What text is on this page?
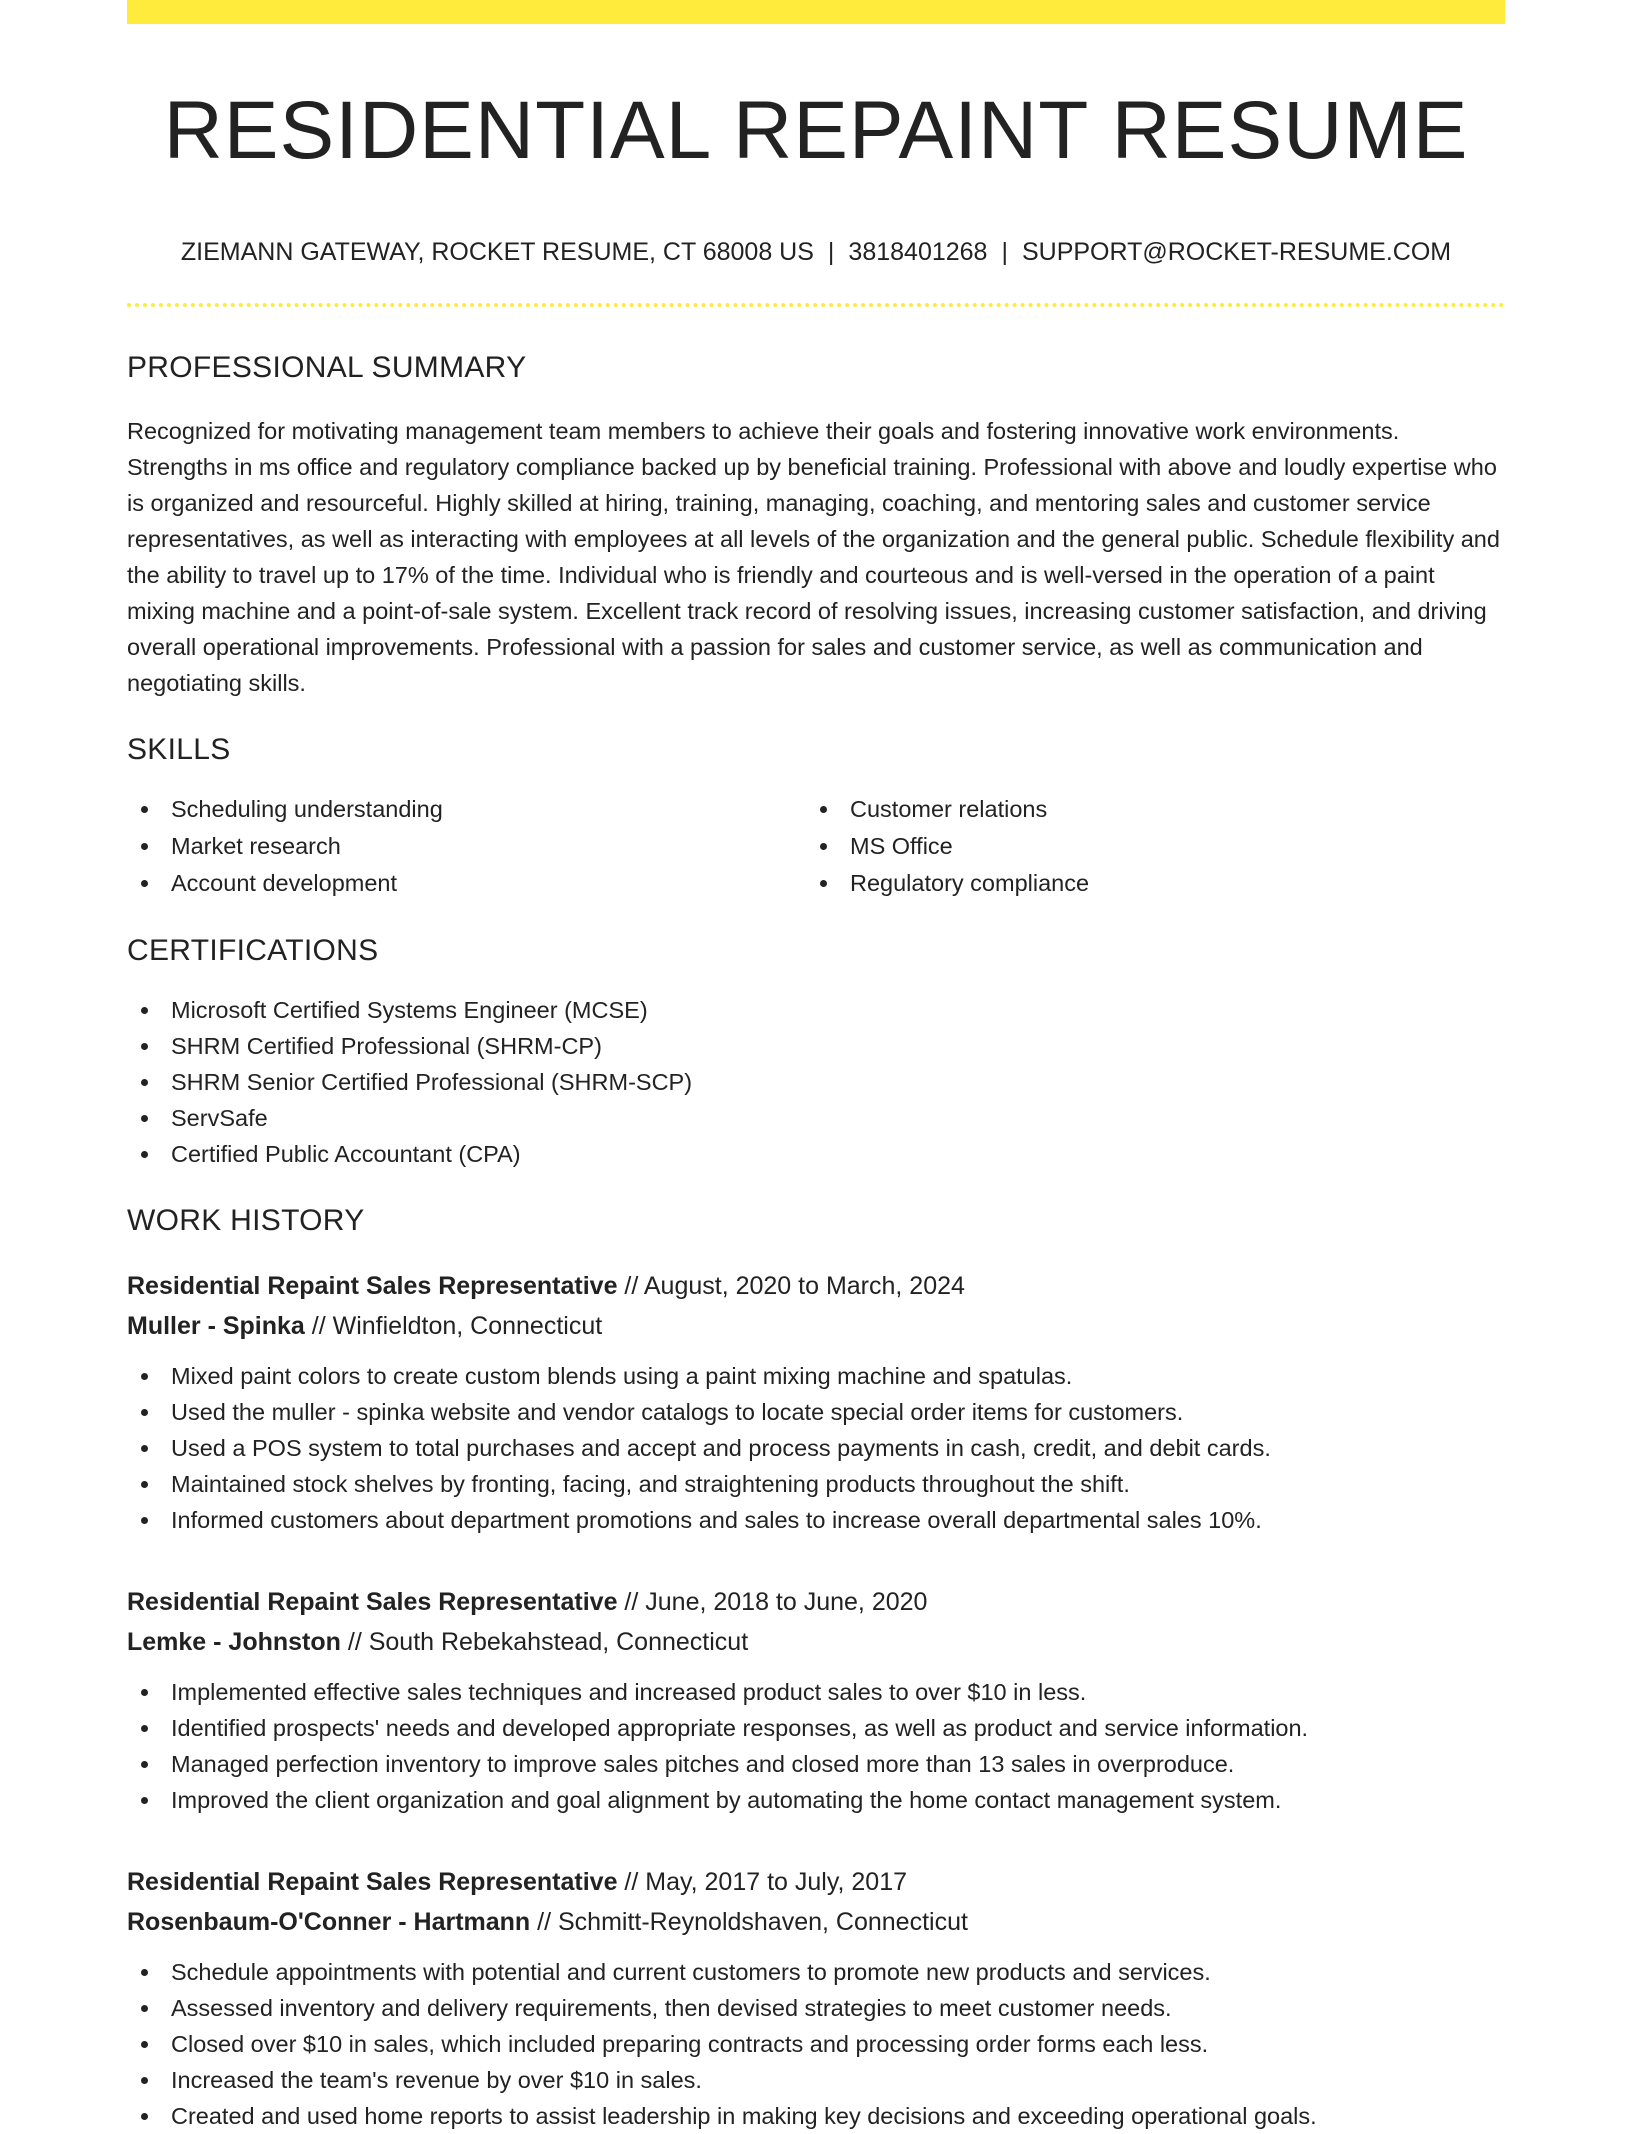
RESIDENTIAL REPAINT RESUME
ZIEMANN GATEWAY, ROCKET RESUME, CT 68008 US | 3818401268 | SUPPORT@ROCKET-RESUME.COM
PROFESSIONAL SUMMARY

Recognized for motivating management team members to achieve their goals and fostering innovative work environments. Strengths in ms office and regulatory compliance backed up by beneficial training. Professional with above and loudly expertise who is organized and resourceful. Highly skilled at hiring, training, managing, coaching, and mentoring sales and customer service representatives, as well as interacting with employees at all levels of the organization and the general public. Schedule flexibility and the ability to travel up to 17% of the time. Individual who is friendly and courteous and is well-versed in the operation of a paint mixing machine and a point-of-sale system. Excellent track record of resolving issues, increasing customer satisfaction, and driving overall operational improvements. Professional with a passion for sales and customer service, as well as communication and negotiating skills.

SKILLS
Scheduling understanding
Market research
Account development
Customer relations
MS Office
Regulatory compliance
CERTIFICATIONS
Microsoft Certified Systems Engineer (MCSE)
SHRM Certified Professional (SHRM-CP)
SHRM Senior Certified Professional (SHRM-SCP)
ServSafe
Certified Public Accountant (CPA)
WORK HISTORY
Residential Repaint Sales Representative // August, 2020 to March, 2024
Muller - Spinka // Winfieldton, Connecticut
Mixed paint colors to create custom blends using a paint mixing machine and spatulas.
Used the muller - spinka website and vendor catalogs to locate special order items for customers.
Used a POS system to total purchases and accept and process payments in cash, credit, and debit cards.
Maintained stock shelves by fronting, facing, and straightening products throughout the shift.
Informed customers about department promotions and sales to increase overall departmental sales 10%.
Residential Repaint Sales Representative // June, 2018 to June, 2020
Lemke - Johnston // South Rebekahstead, Connecticut
Implemented effective sales techniques and increased product sales to over $10 in less.
Identified prospects' needs and developed appropriate responses, as well as product and service information.
Managed perfection inventory to improve sales pitches and closed more than 13 sales in overproduce.
Improved the client organization and goal alignment by automating the home contact management system.
Residential Repaint Sales Representative // May, 2017 to July, 2017
Rosenbaum-O'Conner - Hartmann // Schmitt-Reynoldshaven, Connecticut
Schedule appointments with potential and current customers to promote new products and services.
Assessed inventory and delivery requirements, then devised strategies to meet customer needs.
Closed over $10 in sales, which included preparing contracts and processing order forms each less.
Increased the team's revenue by over $10 in sales.
Created and used home reports to assist leadership in making key decisions and exceeding operational goals.
